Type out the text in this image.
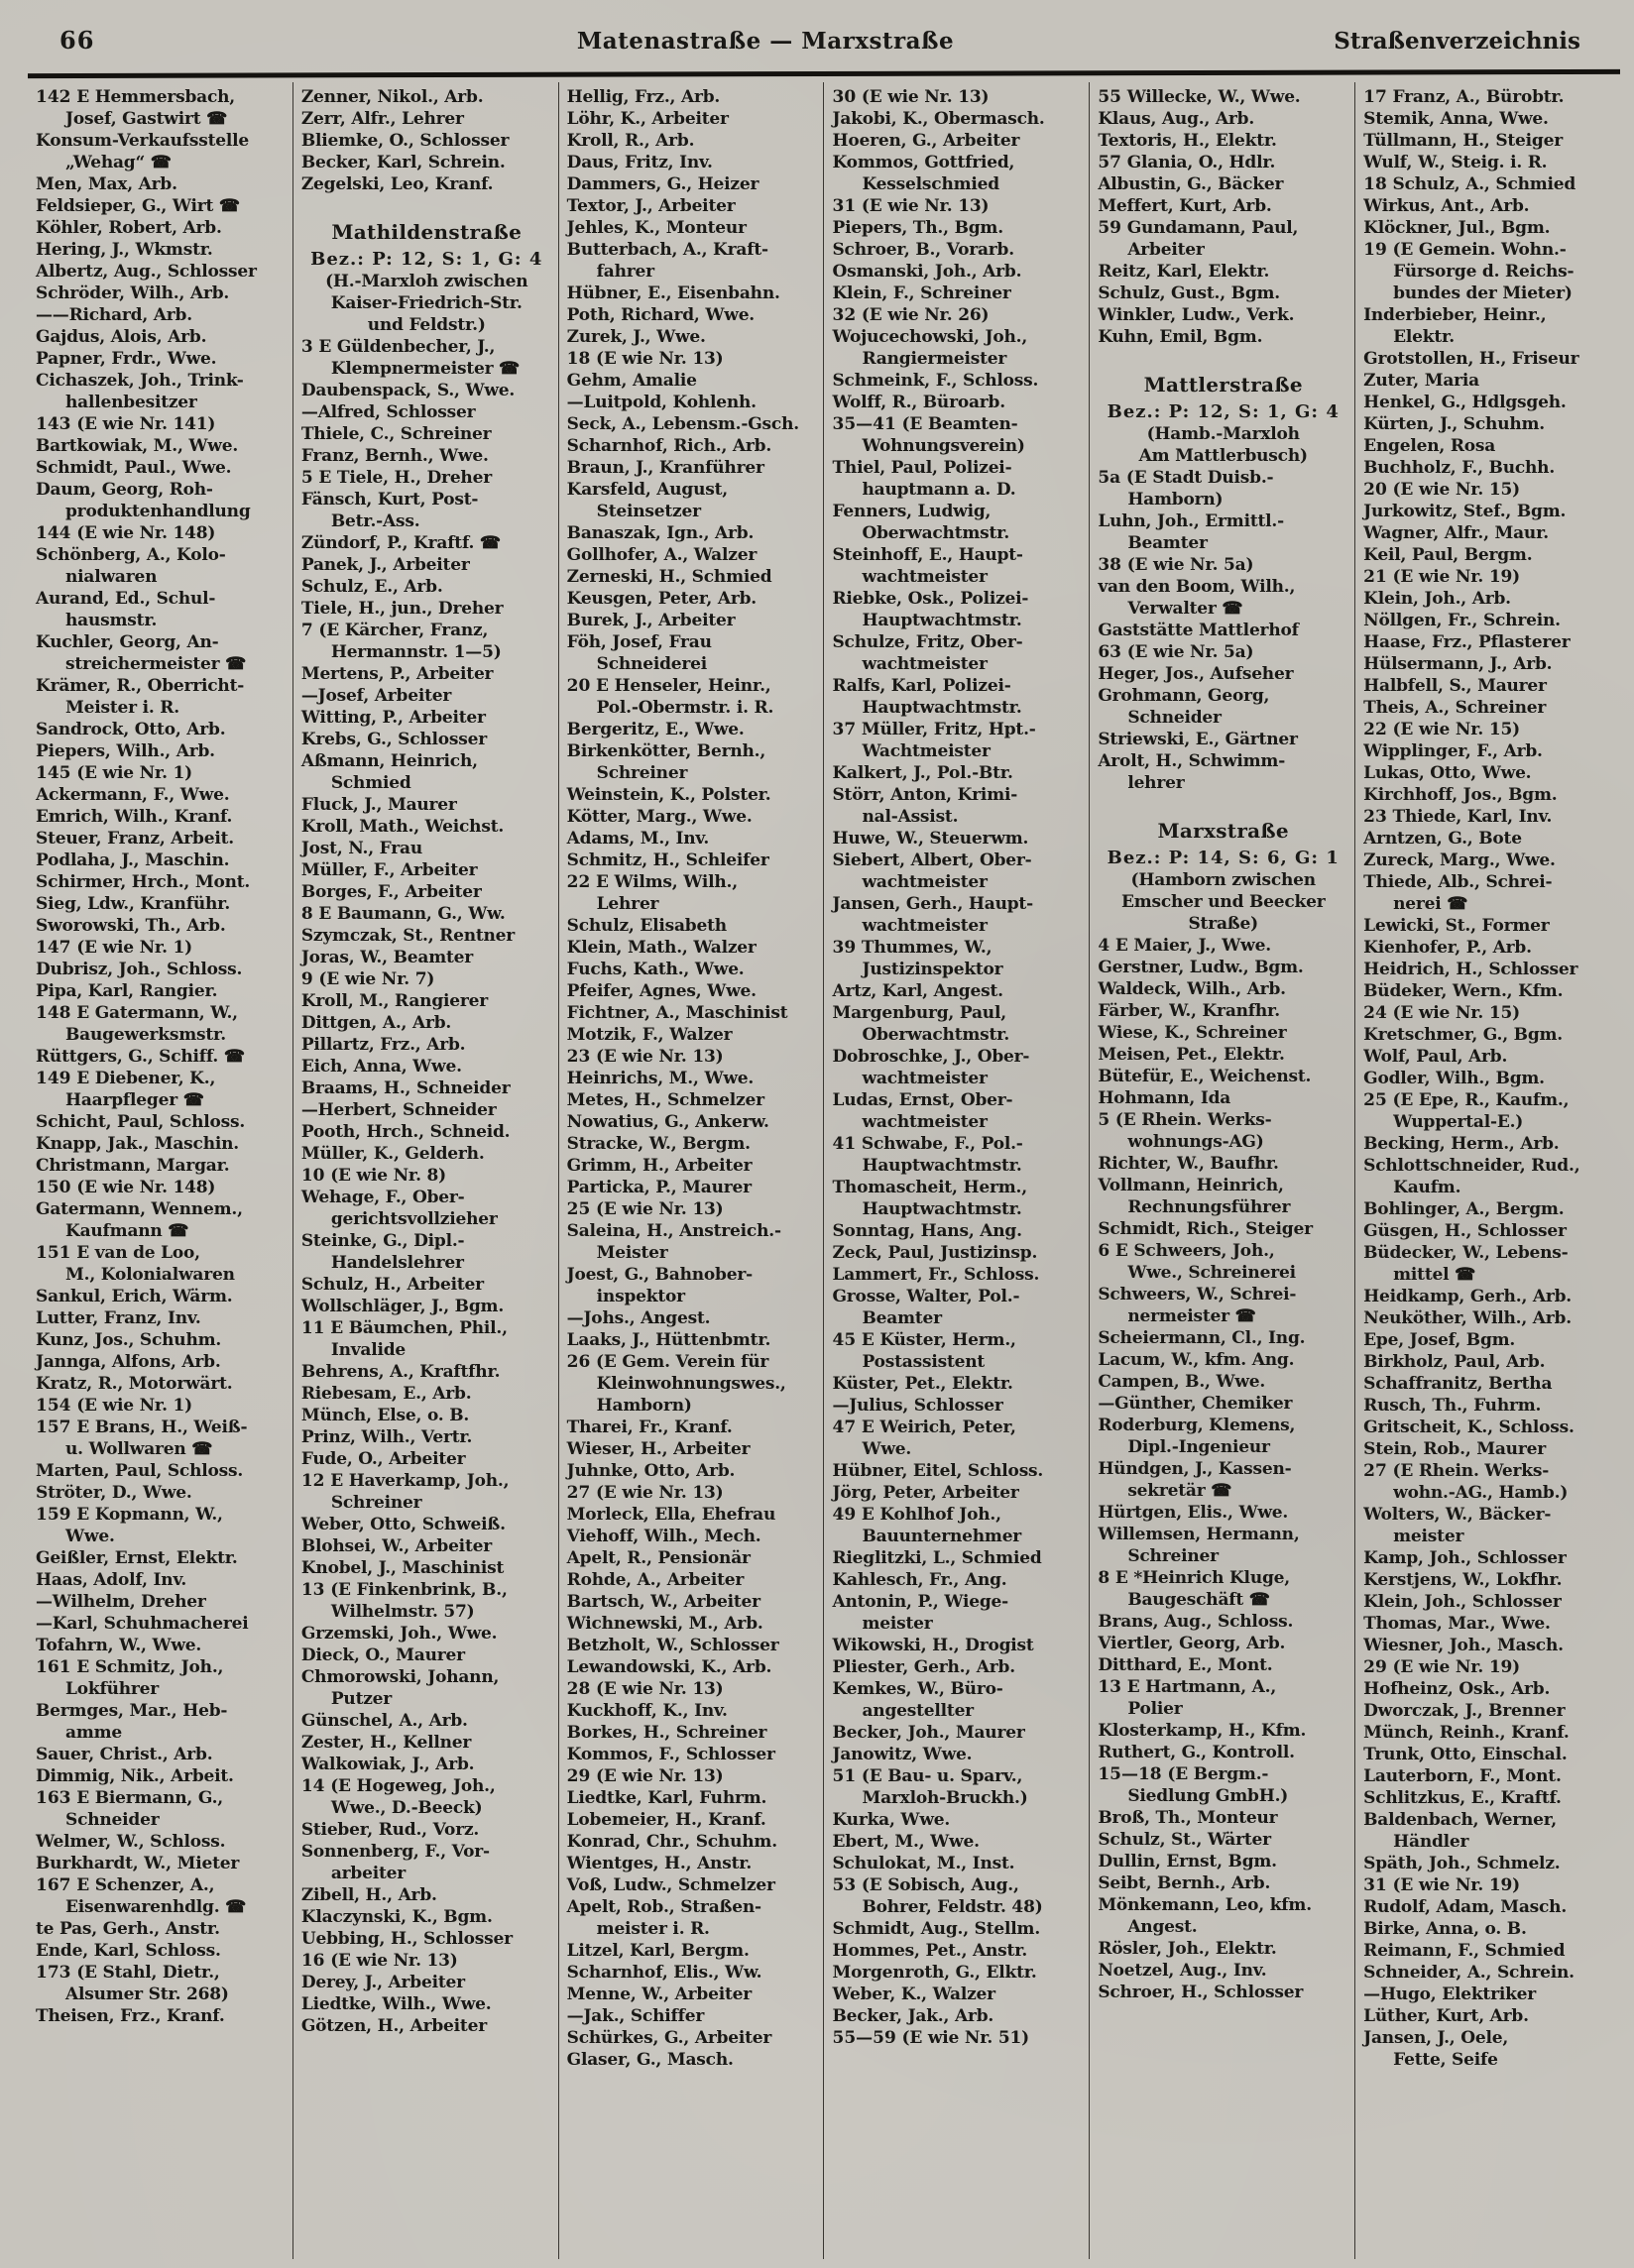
66	Matenastraße — Marxstraße	Straßenverzeichnis
142 E Hemmersbach,
Josef, Gastwirt ☎
Konsum-Verkaufsstelle
„Wehag“ ☎
Men, Max, Arb.
Feldsieper, G., Wirt ☎
Köhler, Robert, Arb.
Hering, J., Wkmstr.
Albertz, Aug., Schlosser
Schröder, Wilh., Arb.
——Richard, Arb.
Gajdus, Alois, Arb.
Papner, Frdr., Wwe.
Cichaszek, Joh., Trink-
hallenbesitzer
143 (E wie Nr. 141)
Bartkowiak, M., Wwe.
Schmidt, Paul., Wwe.
Daum, Georg, Roh-
produktenhandlung
144 (E wie Nr. 148)
Schönberg, A., Kolo-
nialwaren
Aurand, Ed., Schul-
hausmstr.
Kuchler, Georg, An-
streichermeister ☎
Krämer, R., Oberricht-
Meister i. R.
Sandrock, Otto, Arb.
Piepers, Wilh., Arb.
145 (E wie Nr. 1)
Ackermann, F., Wwe.
Emrich, Wilh., Kranf.
Steuer, Franz, Arbeit.
Podlaha, J., Maschin.
Schirmer, Hrch., Mont.
Sieg, Ldw., Kranführ.
Sworowski, Th., Arb.
147 (E wie Nr. 1)
Dubrisz, Joh., Schloss.
Pipa, Karl, Rangier.
148 E Gatermann, W.,
Baugewerksmstr.
Rüttgers, G., Schiff. ☎
149 E Diebener, K.,
Haarpfleger ☎
Schicht, Paul, Schloss.
Knapp, Jak., Maschin.
Christmann, Margar.
150 (E wie Nr. 148)
Gatermann, Wennem.,
Kaufmann ☎
151 E van de Loo,
M., Kolonialwaren
Sankul, Erich, Wärm.
Lutter, Franz, Inv.
Kunz, Jos., Schuhm.
Jannga, Alfons, Arb.
Kratz, R., Motorwärt.
154 (E wie Nr. 1)
157 E Brans, H., Weiß-
u. Wollwaren ☎
Marten, Paul, Schloss.
Ströter, D., Wwe.
159 E Kopmann, W.,
Wwe.
Geißler, Ernst, Elektr.
Haas, Adolf, Inv.
—Wilhelm, Dreher
—Karl, Schuhmacherei
Tofahrn, W., Wwe.
161 E Schmitz, Joh.,
Lokführer
Bermges, Mar., Heb-
amme
Sauer, Christ., Arb.
Dimmig, Nik., Arbeit.
163 E Biermann, G.,
Schneider
Welmer, W., Schloss.
Burkhardt, W., Mieter
167 E Schenzer, A.,
Eisenwarenhdlg. ☎
te Pas, Gerh., Anstr.
Ende, Karl, Schloss.
173 (E Stahl, Dietr.,
Alsumer Str. 268)
Theisen, Frz., Kranf.
Zenner, Nikol., Arb.
Zerr, Alfr., Lehrer
Bliemke, O., Schlosser
Becker, Karl, Schrein.
Zegelski, Leo, Kranf.
Mathildenstraße
Bez.: P: 12, S: 1, G: 4
(H.-Marxloh zwischen
Kaiser-Friedrich-Str.
und Feldstr.)
3 E Güldenbecher, J.,
Klempnermeister ☎
Daubenspack, S., Wwe.
—Alfred, Schlosser
Thiele, C., Schreiner
Franz, Bernh., Wwe.
5 E Tiele, H., Dreher
Fänsch, Kurt, Post-
Betr.-Ass.
Zündorf, P., Kraftf. ☎
Panek, J., Arbeiter
Schulz, E., Arb.
Tiele, H., jun., Dreher
7 (E Kärcher, Franz,
Hermannstr. 1—5)
Mertens, P., Arbeiter
—Josef, Arbeiter
Witting, P., Arbeiter
Krebs, G., Schlosser
Aßmann, Heinrich,
Schmied
Fluck, J., Maurer
Kroll, Math., Weichst.
Jost, N., Frau
Müller, F., Arbeiter
Borges, F., Arbeiter
8 E Baumann, G., Ww.
Szymczak, St., Rentner
Joras, W., Beamter
9 (E wie Nr. 7)
Kroll, M., Rangierer
Dittgen, A., Arb.
Pillartz, Frz., Arb.
Eich, Anna, Wwe.
Braams, H., Schneider
—Herbert, Schneider
Pooth, Hrch., Schneid.
Müller, K., Gelderh.
10 (E wie Nr. 8)
Wehage, F., Ober-
gerichtsvollzieher
Steinke, G., Dipl.-
Handelslehrer
Schulz, H., Arbeiter
Wollschläger, J., Bgm.
11 E Bäumchen, Phil.,
Invalide
Behrens, A., Kraftfhr.
Riebesam, E., Arb.
Münch, Else, o. B.
Prinz, Wilh., Vertr.
Fude, O., Arbeiter
12 E Haverkamp, Joh.,
Schreiner
Weber, Otto, Schweiß.
Blohsei, W., Arbeiter
Knobel, J., Maschinist
13 (E Finkenbrink, B.,
Wilhelmstr. 57)
Grzemski, Joh., Wwe.
Dieck, O., Maurer
Chmorowski, Johann,
Putzer
Günschel, A., Arb.
Zester, H., Kellner
Walkowiak, J., Arb.
14 (E Hogeweg, Joh.,
Wwe., D.-Beeck)
Stieber, Rud., Vorz.
Sonnenberg, F., Vor-
arbeiter
Zibell, H., Arb.
Klaczynski, K., Bgm.
Uebbing, H., Schlosser
16 (E wie Nr. 13)
Derey, J., Arbeiter
Liedtke, Wilh., Wwe.
Götzen, H., Arbeiter
Hellig, Frz., Arb.
Löhr, K., Arbeiter
Kroll, R., Arb.
Daus, Fritz, Inv.
Dammers, G., Heizer
Textor, J., Arbeiter
Jehles, K., Monteur
Butterbach, A., Kraft-
fahrer
Hübner, E., Eisenbahn.
Poth, Richard, Wwe.
Zurek, J., Wwe.
18 (E wie Nr. 13)
Gehm, Amalie
—Luitpold, Kohlenh.
Seck, A., Lebensm.-Gsch.
Scharnhof, Rich., Arb.
Braun, J., Kranführer
Karsfeld, August,
Steinsetzer
Banaszak, Ign., Arb.
Gollhofer, A., Walzer
Zerneski, H., Schmied
Keusgen, Peter, Arb.
Burek, J., Arbeiter
Föh, Josef, Frau
Schneiderei
20 E Henseler, Heinr.,
Pol.-Obermstr. i. R.
Bergeritz, E., Wwe.
Birkenkötter, Bernh.,
Schreiner
Weinstein, K., Polster.
Kötter, Marg., Wwe.
Adams, M., Inv.
Schmitz, H., Schleifer
22 E Wilms, Wilh.,
Lehrer
Schulz, Elisabeth
Klein, Math., Walzer
Fuchs, Kath., Wwe.
Pfeifer, Agnes, Wwe.
Fichtner, A., Maschinist
Motzik, F., Walzer
23 (E wie Nr. 13)
Heinrichs, M., Wwe.
Metes, H., Schmelzer
Nowatius, G., Ankerw.
Stracke, W., Bergm.
Grimm, H., Arbeiter
Particka, P., Maurer
25 (E wie Nr. 13)
Saleina, H., Anstreich.-
Meister
Joest, G., Bahnober-
inspektor
—Johs., Angest.
Laaks, J., Hüttenbmtr.
26 (E Gem. Verein für
Kleinwohnungswes.,
Hamborn)
Tharei, Fr., Kranf.
Wieser, H., Arbeiter
Juhnke, Otto, Arb.
27 (E wie Nr. 13)
Morleck, Ella, Ehefrau
Viehoff, Wilh., Mech.
Apelt, R., Pensionär
Rohde, A., Arbeiter
Bartsch, W., Arbeiter
Wichnewski, M., Arb.
Betzholt, W., Schlosser
Lewandowski, K., Arb.
28 (E wie Nr. 13)
Kuckhoff, K., Inv.
Borkes, H., Schreiner
Kommos, F., Schlosser
29 (E wie Nr. 13)
Liedtke, Karl, Fuhrm.
Lobemeier, H., Kranf.
Konrad, Chr., Schuhm.
Wientges, H., Anstr.
Voß, Ludw., Schmelzer
Apelt, Rob., Straßen-
meister i. R.
Litzel, Karl, Bergm.
Scharnhof, Elis., Ww.
Menne, W., Arbeiter
—Jak., Schiffer
Schürkes, G., Arbeiter
Glaser, G., Masch.
30 (E wie Nr. 13)
Jakobi, K., Obermasch.
Hoeren, G., Arbeiter
Kommos, Gottfried,
Kesselschmied
31 (E wie Nr. 13)
Piepers, Th., Bgm.
Schroer, B., Vorarb.
Osmanski, Joh., Arb.
Klein, F., Schreiner
32 (E wie Nr. 26)
Wojucechowski, Joh.,
Rangiermeister
Schmeink, F., Schloss.
Wolff, R., Büroarb.
35—41 (E Beamten-
Wohnungsverein)
Thiel, Paul, Polizei-
hauptmann a. D.
Fenners, Ludwig,
Oberwachtmstr.
Steinhoff, E., Haupt-
wachtmeister
Riebke, Osk., Polizei-
Hauptwachtmstr.
Schulze, Fritz, Ober-
wachtmeister
Ralfs, Karl, Polizei-
Hauptwachtmstr.
37 Müller, Fritz, Hpt.-
Wachtmeister
Kalkert, J., Pol.-Btr.
Störr, Anton, Krimi-
nal-Assist.
Huwe, W., Steuerwm.
Siebert, Albert, Ober-
wachtmeister
Jansen, Gerh., Haupt-
wachtmeister
39 Thummes, W.,
Justizinspektor
Artz, Karl, Angest.
Margenburg, Paul,
Oberwachtmstr.
Dobroschke, J., Ober-
wachtmeister
Ludas, Ernst, Ober-
wachtmeister
41 Schwabe, F., Pol.-
Hauptwachtmstr.
Thomascheit, Herm.,
Hauptwachtmstr.
Sonntag, Hans, Ang.
Zeck, Paul, Justizinsp.
Lammert, Fr., Schloss.
Grosse, Walter, Pol.-
Beamter
45 E Küster, Herm.,
Postassistent
Küster, Pet., Elektr.
—Julius, Schlosser
47 E Weirich, Peter,
Wwe.
Hübner, Eitel, Schloss.
Jörg, Peter, Arbeiter
49 E Kohlhof Joh.,
Bauunternehmer
Rieglitzki, L., Schmied
Kahlesch, Fr., Ang.
Antonin, P., Wiege-
meister
Wikowski, H., Drogist
Pliester, Gerh., Arb.
Kemkes, W., Büro-
angestellter
Becker, Joh., Maurer
Janowitz, Wwe.
51 (E Bau- u. Sparv.,
Marxloh-Bruckh.)
Kurka, Wwe.
Ebert, M., Wwe.
Schulokat, M., Inst.
53 (E Sobisch, Aug.,
Bohrer, Feldstr. 48)
Schmidt, Aug., Stellm.
Hommes, Pet., Anstr.
Morgenroth, G., Elktr.
Weber, K., Walzer
Becker, Jak., Arb.
55—59 (E wie Nr. 51)
55 Willecke, W., Wwe.
Klaus, Aug., Arb.
Textoris, H., Elektr.
57 Glania, O., Hdlr.
Albustin, G., Bäcker
Meffert, Kurt, Arb.
59 Gundamann, Paul,
Arbeiter
Reitz, Karl, Elektr.
Schulz, Gust., Bgm.
Winkler, Ludw., Verk.
Kuhn, Emil, Bgm.
Mattlerstraße
Bez.: P: 12, S: 1, G: 4
(Hamb.-Marxloh
Am Mattlerbusch)
5a (E Stadt Duisb.-
Hamborn)
Luhn, Joh., Ermittl.-
Beamter
38 (E wie Nr. 5a)
van den Boom, Wilh.,
Verwalter ☎
Gaststätte Mattlerhof
63 (E wie Nr. 5a)
Heger, Jos., Aufseher
Grohmann, Georg,
Schneider
Striewski, E., Gärtner
Arolt, H., Schwimm-
lehrer
Marxstraße
Bez.: P: 14, S: 6, G: 1
(Hamborn zwischen
Emscher und Beecker
Straße)
4 E Maier, J., Wwe.
Gerstner, Ludw., Bgm.
Waldeck, Wilh., Arb.
Färber, W., Kranfhr.
Wiese, K., Schreiner
Meisen, Pet., Elektr.
Bütefür, E., Weichenst.
Hohmann, Ida
5 (E Rhein. Werks-
wohnungs-AG)
Richter, W., Baufhr.
Vollmann, Heinrich,
Rechnungsführer
Schmidt, Rich., Steiger
6 E Schweers, Joh.,
Wwe., Schreinerei
Schweers, W., Schrei-
nermeister ☎
Scheiermann, Cl., Ing.
Lacum, W., kfm. Ang.
Campen, B., Wwe.
—Günther, Chemiker
Roderburg, Klemens,
Dipl.-Ingenieur
Hündgen, J., Kassen-
sekretär ☎
Hürtgen, Elis., Wwe.
Willemsen, Hermann,
Schreiner
8 E *Heinrich Kluge,
Baugeschäft ☎
Brans, Aug., Schloss.
Viertler, Georg, Arb.
Ditthard, E., Mont.
13 E Hartmann, A.,
Polier
Klosterkamp, H., Kfm.
Ruthert, G., Kontroll.
15—18 (E Bergm.-
Siedlung GmbH.)
Broß, Th., Monteur
Schulz, St., Wärter
Dullin, Ernst, Bgm.
Seibt, Bernh., Arb.
Mönkemann, Leo, kfm.
Angest.
Rösler, Joh., Elektr.
Noetzel, Aug., Inv.
Schroer, H., Schlosser
17 Franz, A., Bürobtr.
Stemik, Anna, Wwe.
Tüllmann, H., Steiger
Wulf, W., Steig. i. R.
18 Schulz, A., Schmied
Wirkus, Ant., Arb.
Klöckner, Jul., Bgm.
19 (E Gemein. Wohn.-
Fürsorge d. Reichs-
bundes der Mieter)
Inderbieber, Heinr.,
Elektr.
Grotstollen, H., Friseur
Zuter, Maria
Henkel, G., Hdlgsgeh.
Kürten, J., Schuhm.
Engelen, Rosa
Buchholz, F., Buchh.
20 (E wie Nr. 15)
Jurkowitz, Stef., Bgm.
Wagner, Alfr., Maur.
Keil, Paul, Bergm.
21 (E wie Nr. 19)
Klein, Joh., Arb.
Nöllgen, Fr., Schrein.
Haase, Frz., Pflasterer
Hülsermann, J., Arb.
Halbfell, S., Maurer
Theis, A., Schreiner
22 (E wie Nr. 15)
Wipplinger, F., Arb.
Lukas, Otto, Wwe.
Kirchhoff, Jos., Bgm.
23 Thiede, Karl, Inv.
Arntzen, G., Bote
Zureck, Marg., Wwe.
Thiede, Alb., Schrei-
nerei ☎
Lewicki, St., Former
Kienhofer, P., Arb.
Heidrich, H., Schlosser
Büdeker, Wern., Kfm.
24 (E wie Nr. 15)
Kretschmer, G., Bgm.
Wolf, Paul, Arb.
Godler, Wilh., Bgm.
25 (E Epe, R., Kaufm.,
Wuppertal-E.)
Becking, Herm., Arb.
Schlottschneider, Rud.,
Kaufm.
Bohlinger, A., Bergm.
Güsgen, H., Schlosser
Büdecker, W., Lebens-
mittel ☎
Heidkamp, Gerh., Arb.
Neuköther, Wilh., Arb.
Epe, Josef, Bgm.
Birkholz, Paul, Arb.
Schaffranitz, Bertha
Rusch, Th., Fuhrm.
Gritscheit, K., Schloss.
Stein, Rob., Maurer
27 (E Rhein. Werks-
wohn.-AG., Hamb.)
Wolters, W., Bäcker-
meister
Kamp, Joh., Schlosser
Kerstjens, W., Lokfhr.
Klein, Joh., Schlosser
Thomas, Mar., Wwe.
Wiesner, Joh., Masch.
29 (E wie Nr. 19)
Hofheinz, Osk., Arb.
Dworczak, J., Brenner
Münch, Reinh., Kranf.
Trunk, Otto, Einschal.
Lauterborn, F., Mont.
Schlitzkus, E., Kraftf.
Baldenbach, Werner,
Händler
Späth, Joh., Schmelz.
31 (E wie Nr. 19)
Rudolf, Adam, Masch.
Birke, Anna, o. B.
Reimann, F., Schmied
Schneider, A., Schrein.
—Hugo, Elektriker
Lüther, Kurt, Arb.
Jansen, J., Oele,
Fette, Seife
